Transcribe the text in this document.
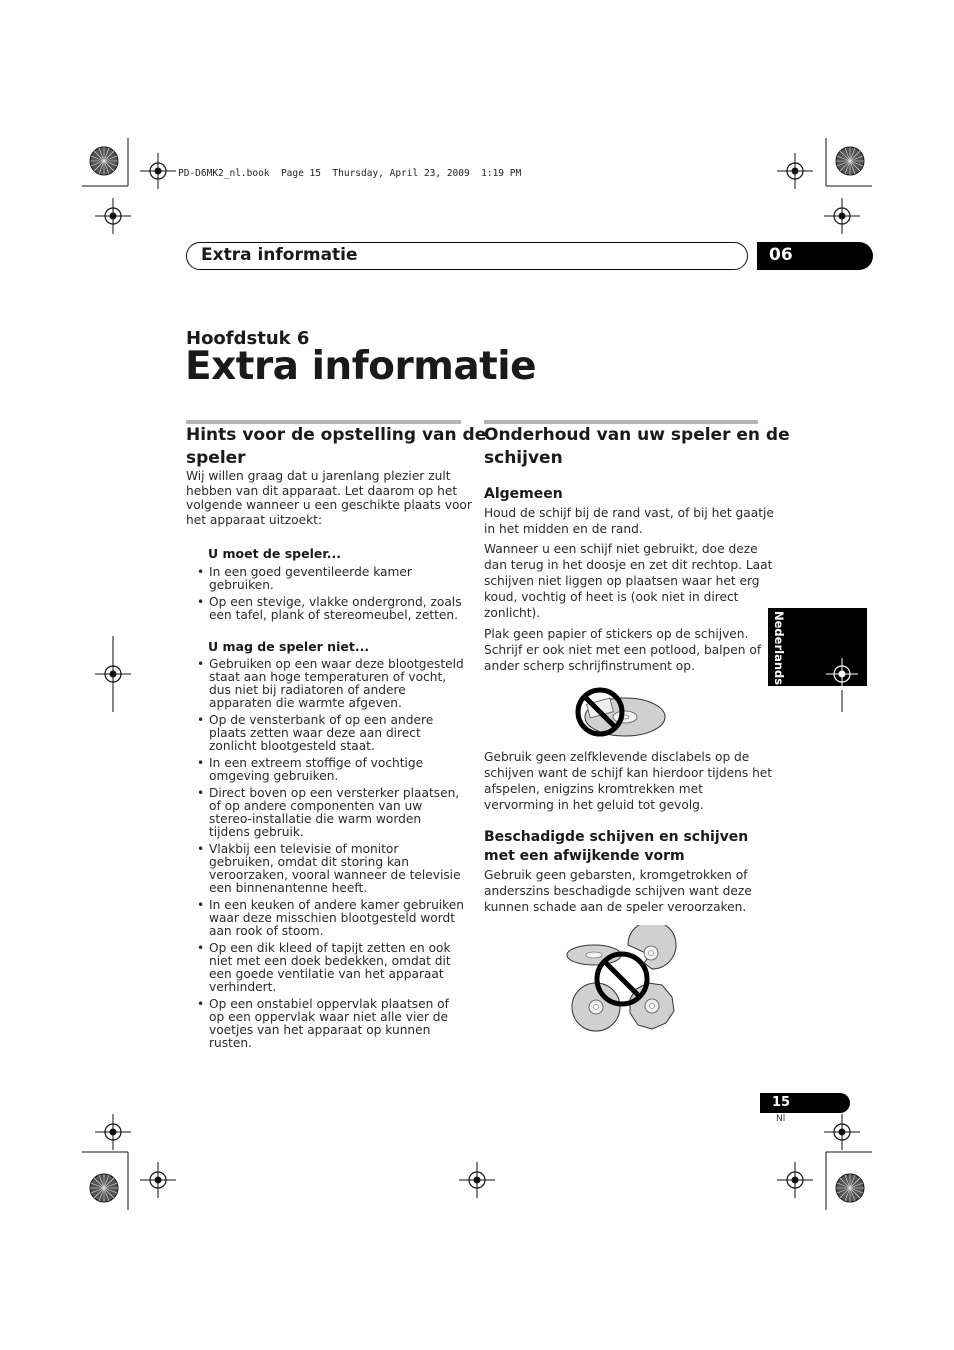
PD-D6MK2_nl.book  Page 15  Thursday, April 23, 2009  1:19 PM
Extra informatie	06
Hoofdstuk 6
Extra informatie
Hints voor de opstelling van de
speler
Wij willen graag dat u jarenlang plezier zult
hebben van dit apparaat. Let daarom op het
volgende wanneer u een geschikte plaats voor
het apparaat uitzoekt:
U moet de speler...
• In een goed geventileerde kamer gebruiken.
• Op een stevige, vlakke ondergrond, zoals een tafel, plank of stereomeubel, zetten.
U mag de speler niet...
• Gebruiken op een waar deze blootgesteld staat aan hoge temperaturen of vocht, dus niet bij radiatoren of andere apparaten die warmte afgeven.
• Op de vensterbank of op een andere plaats zetten waar deze aan direct zonlicht blootgesteld staat.
• In een extreem stoffige of vochtige omgeving gebruiken.
• Direct boven op een versterker plaatsen, of op andere componenten van uw stereo-installatie die warm worden tijdens gebruik.
• Vlakbij een televisie of monitor gebruiken, omdat dit storing kan veroorzaken, vooral wanneer de televisie een binnenantenne heeft.
• In een keuken of andere kamer gebruiken waar deze misschien blootgesteld wordt aan rook of stoom.
• Op een dik kleed of tapijt zetten en ook niet met een doek bedekken, omdat dit een goede ventilatie van het apparaat verhindert.
• Op een onstabiel oppervlak plaatsen of op een oppervlak waar niet alle vier de voetjes van het apparaat op kunnen rusten.
Onderhoud van uw speler en de
schijven
Algemeen
Houd de schijf bij de rand vast, of bij het gaatje
in het midden en de rand.
Wanneer u een schijf niet gebruikt, doe deze
dan terug in het doosje en zet dit rechtop. Laat
schijven niet liggen op plaatsen waar het erg
koud, vochtig of heet is (ook niet in direct
zonlicht).
Plak geen papier of stickers op de schijven.
Schrijf er ook niet met een potlood, balpen of
ander scherp schrijfinstrument op.
Gebruik geen zelfklevende disclabels op de
schijven want de schijf kan hierdoor tijdens het
afspelen, enigzins kromtrekken met
vervorming in het geluid tot gevolg.
Beschadigde schijven en schijven
met een afwijkende vorm
Gebruik geen gebarsten, kromgetrokken of
anderszins beschadigde schijven want deze
kunnen schade aan de speler veroorzaken.
Nederlands
15
Nl
